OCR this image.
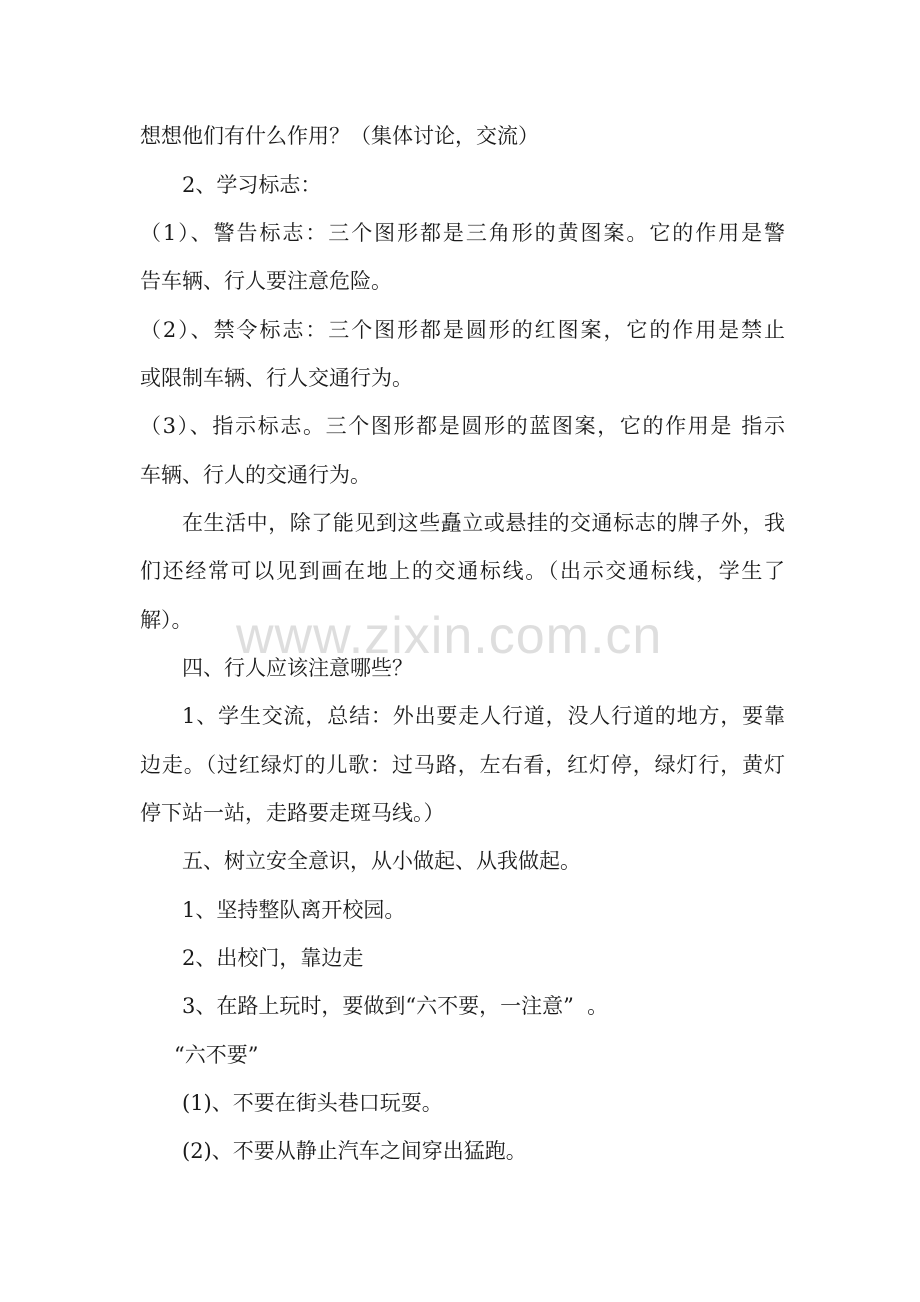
想想他们有什么作用？（集体讨论，交流）
2、学习标志：
（1）、警告标志：三个图形都是三角形的黄图案。它的作用是警
告车辆、行人要注意危险。
（2）、禁令标志：三个图形都是圆形的红图案，它的作用是禁止
或限制车辆、行人交通行为。
（3）、指示标志。三个图形都是圆形的蓝图案，它的作用是 指示
车辆、行人的交通行为。
在生活中，除了能见到这些矗立或悬挂的交通标志的牌子外，我
们还经常可以见到画在地上的交通标线。（出示交通标线，学生了
解）。
四、行人应该注意哪些？
1、学生交流，总结：外出要走人行道，没人行道的地方，要靠
边走。（过红绿灯的儿歌：过马路，左右看，红灯停，绿灯行，黄灯
停下站一站，走路要走斑马线。）
五、树立安全意识，从小做起、从我做起。
1、坚持整队离开校园。
2、出校门，靠边走
3、在路上玩时，要做到“六不要，一注意”  。
“六不要”
(1)、不要在街头巷口玩耍。
(2)、不要从静止汽车之间穿出猛跑。
www.zixin.com.cn
